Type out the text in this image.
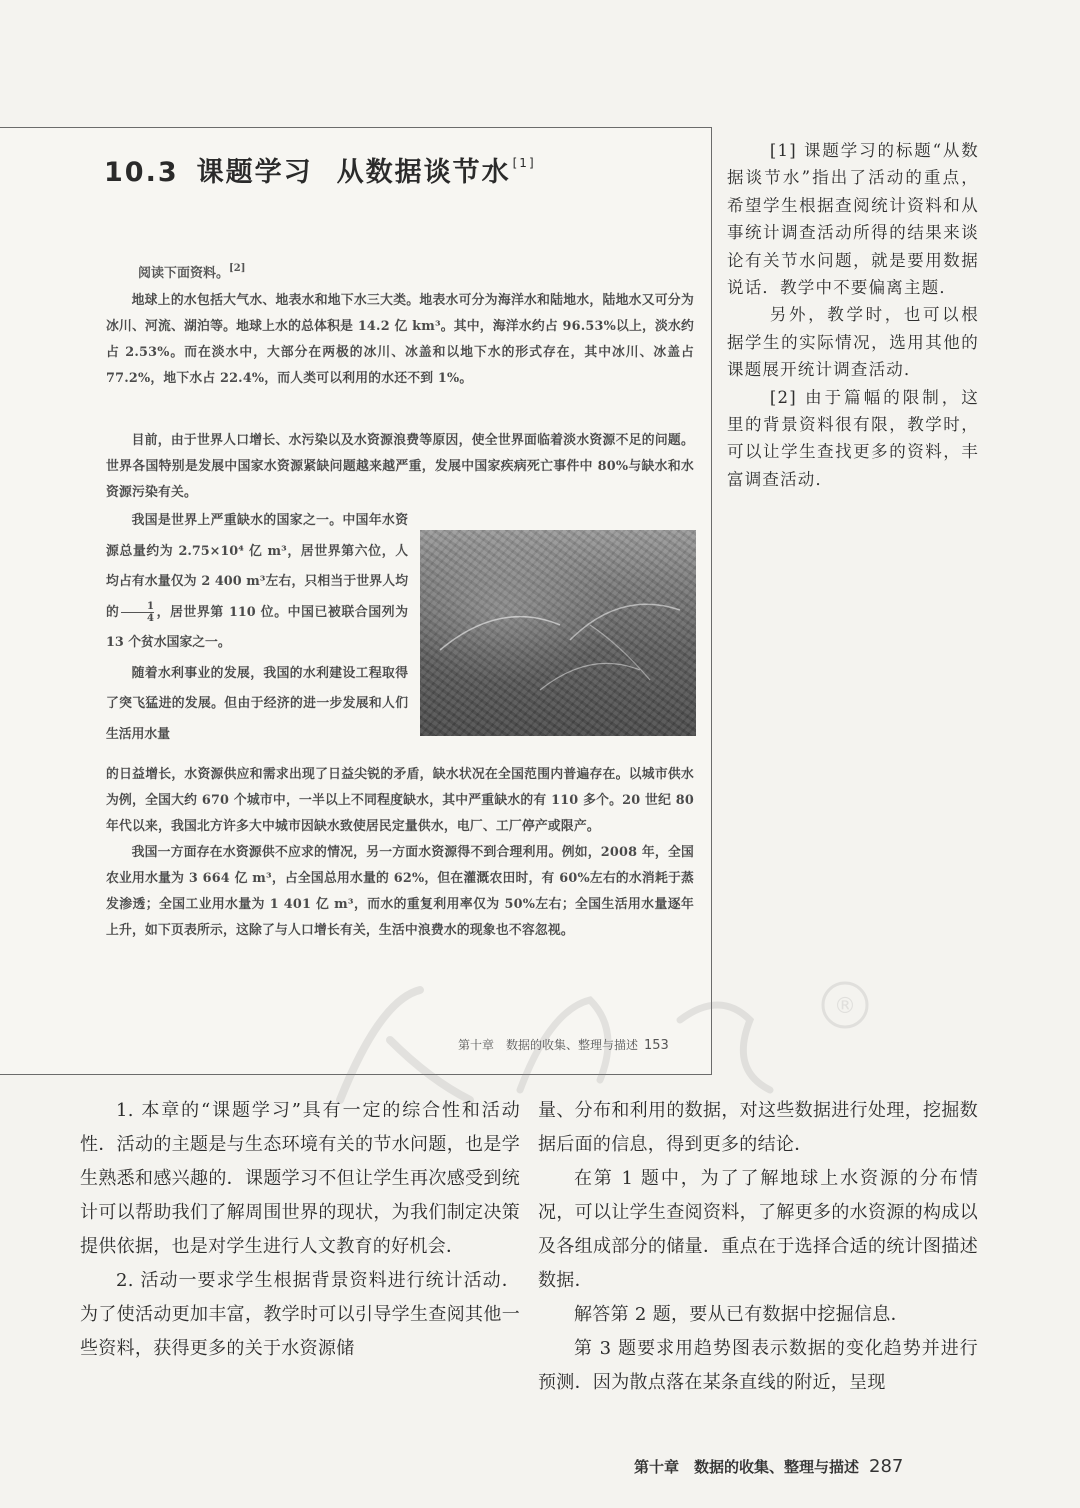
10.3 课题学习 从数据谈节水 [1]
阅读下面资料。[2]

地球上的水包括大气水、地表水和地下水三大类。地表水可分为海洋水和陆地水，陆地水又可分为冰川、河流、湖泊等。地球上水的总体积是 14.2 亿 km³。其中，海洋水约占 96.53%以上，淡水约占 2.53%。而在淡水中，大部分在两极的冰川、冰盖和以地下水的形式存在，其中冰川、冰盖占 77.2%，地下水占 22.4%，而人类可以利用的水还不到 1%。

目前，由于世界人口增长、水污染以及水资源浪费等原因，使全世界面临着淡水资源不足的问题。世界各国特别是发展中国家水资源紧缺问题越来越严重，发展中国家疾病死亡事件中 80%与缺水和水资源污染有关。

我国是世界上严重缺水的国家之一。中国年水资源总量约为 2.75×10⁴ 亿 m³，居世界第六位，人均占有水量仅为 2 400 m³左右，只相当于世界人均的 $\frac{1}{4}$ ，居世界第 110 位。中国已被联合国列为 13 个贫水国家之一。

随着水利事业的发展，我国的水利建设工程取得了突飞猛进的发展。但由于经济的进一步发展和人们生活用水量

的日益增长，水资源供应和需求出现了日益尖锐的矛盾，缺水状况在全国范围内普遍存在。以城市供水为例，全国大约 670 个城市中，一半以上不同程度缺水，其中严重缺水的有 110 多个。20 世纪 80 年代以来，我国北方许多大中城市因缺水致使居民定量供水，电厂、工厂停产或限产。

我国一方面存在水资源供不应求的情况，另一方面水资源得不到合理利用。例如，2008 年，全国农业用水量为 3 664 亿 m³，占全国总用水量的 62%，但在灌溉农田时，有 60%左右的水消耗于蒸发渗透；全国工业用水量为 1 401 亿 m³，而水的重复利用率仅为 50%左右；全国生活用水量逐年上升，如下页表所示，这除了与人口增长有关，生活中浪费水的现象也不容忽视。

第十章　数据的收集、整理与描述 153

[1] 课题学习的标题“从数据谈节水”指出了活动的重点，希望学生根据查阅统计资料和从事统计调查活动所得的结果来谈论有关节水问题，就是要用数据说话．教学中不要偏离主题．

另外，教学时，也可以根据学生的实际情况，选用其他的课题展开统计调查活动．

[2] 由于篇幅的限制，这里的背景资料很有限，教学时，可以让学生查找更多的资料，丰富调查活动．

®

1. 本章的“课题学习”具有一定的综合性和活动性．活动的主题是与生态环境有关的节水问题，也是学生熟悉和感兴趣的．课题学习不但让学生再次感受到统计可以帮助我们了解周围世界的现状，为我们制定决策提供依据，也是对学生进行人文教育的好机会．

2. 活动一要求学生根据背景资料进行统计活动．为了使活动更加丰富，教学时可以引导学生查阅其他一些资料，获得更多的关于水资源储

量、分布和利用的数据，对这些数据进行处理，挖掘数据后面的信息，得到更多的结论．

在第 1 题中，为了了解地球上水资源的分布情况，可以让学生查阅资料，了解更多的水资源的构成以及各组成部分的储量．重点在于选择合适的统计图描述数据．

解答第 2 题，要从已有数据中挖掘信息．

第 3 题要求用趋势图表示数据的变化趋势并进行预测．因为散点落在某条直线的附近，呈现

第十章　数据的收集、整理与描述 287
